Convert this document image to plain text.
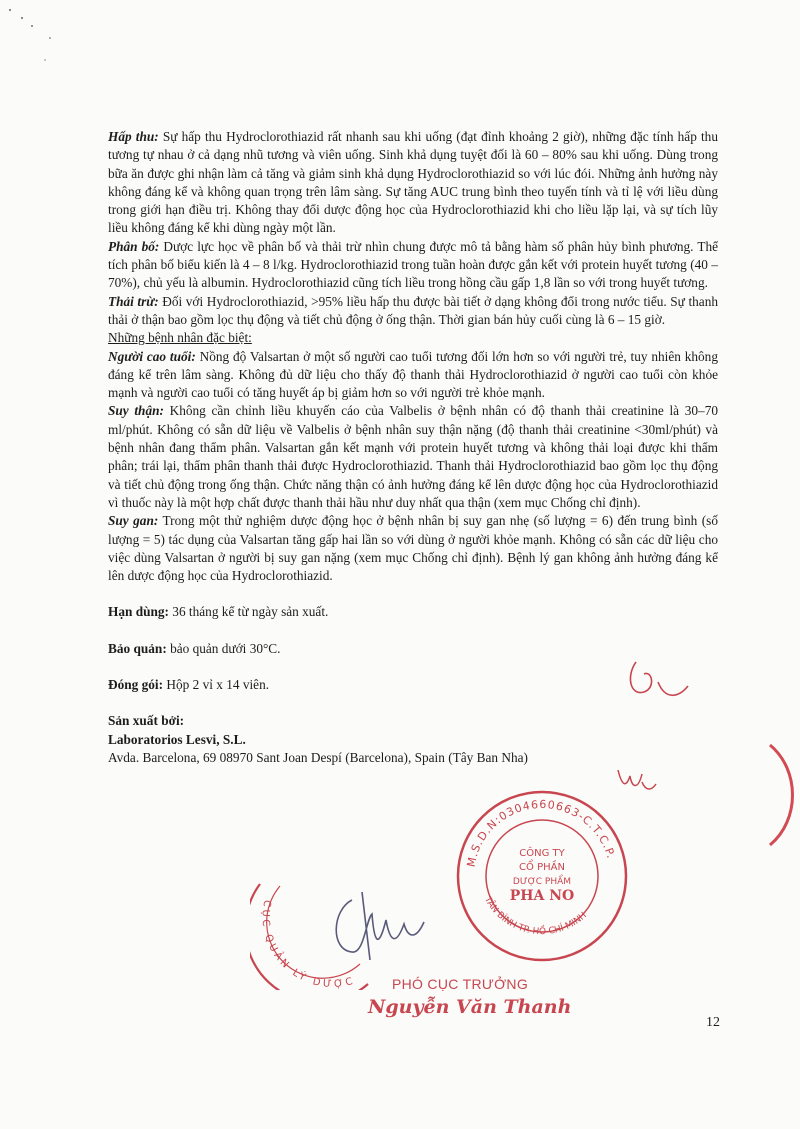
Hấp thu: Sự hấp thu Hydroclorothiazid rất nhanh sau khi uống (đạt đỉnh khoảng 2 giờ), những đặc tính hấp thu tương tự nhau ở cả dạng nhũ tương và viên uống. Sinh khả dụng tuyệt đối là 60 – 80% sau khi uống. Dùng trong bữa ăn được ghi nhận làm cả tăng và giảm sinh khả dụng Hydroclorothiazid so với lúc đói. Những ảnh hưởng này không đáng kể và không quan trọng trên lâm sàng. Sự tăng AUC trung bình theo tuyến tính và tỉ lệ với liều dùng trong giới hạn điều trị. Không thay đổi dược động học của Hydroclorothiazid khi cho liều lặp lại, và sự tích lũy liều không đáng kể khi dùng ngày một lần.

Phân bố: Dược lực học về phân bố và thải trừ nhìn chung được mô tả bằng hàm số phân hủy bình phương. Thể tích phân bố biểu kiến là 4 – 8 l/kg. Hydroclorothiazid trong tuần hoàn được gắn kết với protein huyết tương (40 – 70%), chủ yếu là albumin. Hydroclorothiazid cũng tích liều trong hồng cầu gấp 1,8 lần so với trong huyết tương.

Thải trừ: Đối với Hydroclorothiazid, >95% liều hấp thu được bài tiết ở dạng không đổi trong nước tiểu. Sự thanh thải ở thận bao gồm lọc thụ động và tiết chủ động ở ống thận. Thời gian bán hủy cuối cùng là 6 – 15 giờ.

Những bệnh nhân đặc biệt:

Người cao tuổi: Nồng độ Valsartan ở một số người cao tuổi tương đối lớn hơn so với người trẻ, tuy nhiên không đáng kể trên lâm sàng. Không đủ dữ liệu cho thấy độ thanh thải Hydroclorothiazid ở người cao tuổi còn khỏe mạnh và người cao tuổi có tăng huyết áp bị giảm hơn so với người trẻ khỏe mạnh.

Suy thận: Không cần chỉnh liều khuyến cáo của Valbelis ở bệnh nhân có độ thanh thải creatinine là 30–70 ml/phút. Không có sẵn dữ liệu về Valbelis ở bệnh nhân suy thận nặng (độ thanh thải creatinine <30ml/phút) và bệnh nhân đang thẩm phân. Valsartan gắn kết mạnh với protein huyết tương và không thải loại được khi thẩm phân; trái lại, thẩm phân thanh thải được Hydroclorothiazid. Thanh thải Hydroclorothiazid bao gồm lọc thụ động và tiết chủ động trong ống thận. Chức năng thận có ảnh hưởng đáng kể lên dược động học của Hydroclorothiazid vì thuốc này là một hợp chất được thanh thải hầu như duy nhất qua thận (xem mục Chống chỉ định).

Suy gan: Trong một thử nghiệm dược động học ở bệnh nhân bị suy gan nhẹ (số lượng = 6) đến trung bình (số lượng = 5) tác dụng của Valsartan tăng gấp hai lần so với dùng ở người khỏe mạnh. Không có sẵn các dữ liệu cho việc dùng Valsartan ở người bị suy gan nặng (xem mục Chống chỉ định). Bệnh lý gan không ảnh hưởng đáng kể lên dược động học của Hydroclorothiazid.

Hạn dùng: 36 tháng kể từ ngày sản xuất.

Bảo quản: bảo quản dưới 30°C.

Đóng gói: Hộp 2 vỉ x 14 viên.

Sản xuất bởi:

Laboratorios Lesvi, S.L.

Avda. Barcelona, 69 08970 Sant Joan Despí (Barcelona), Spain (Tây Ban Nha)

M.S.D.N:0304660663-C.T.C.P.
TÂN BÌNH TP. HỒ CHÍ MINH
CÔNG TY
CỔ PHẦN
DƯỢC PHẨM
PHA NO
CỤC QUẢN LÝ DƯỢC	PHÓ CỤC TRƯỞNG
Nguyễn Văn Thanh
12
